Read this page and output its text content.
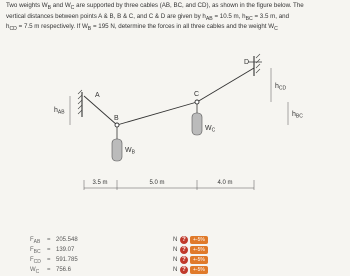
Two weights $W_B$ and $W_C$ are supported by three cables (AB, BC, and CD), as shown in the figure below. The
vertical distances between points A & B, B & C, and C & D are given by $h_{AB} = 10.5$ m, $h_{BC} = 3.5$ m, and
$h_{CD} = 7.5$ m respectively. If $W_B = 195$ N, determine the forces in all three cables and the weight $W_C$
A
B
C
D
$W_B$
$W_C$
$h_{AB}$
$h_{CD}$
$h_{BC}$
3.5 m	5.0 m	4.0 m
$F_{AB} = 205.548$	N ?	+-5%
$F_{BC} = 139.07$	N ?	+-5%
$F_{CD} = 591.785$	N ?	+-5%
$W_C = 756.6$	N ?	+-5%
